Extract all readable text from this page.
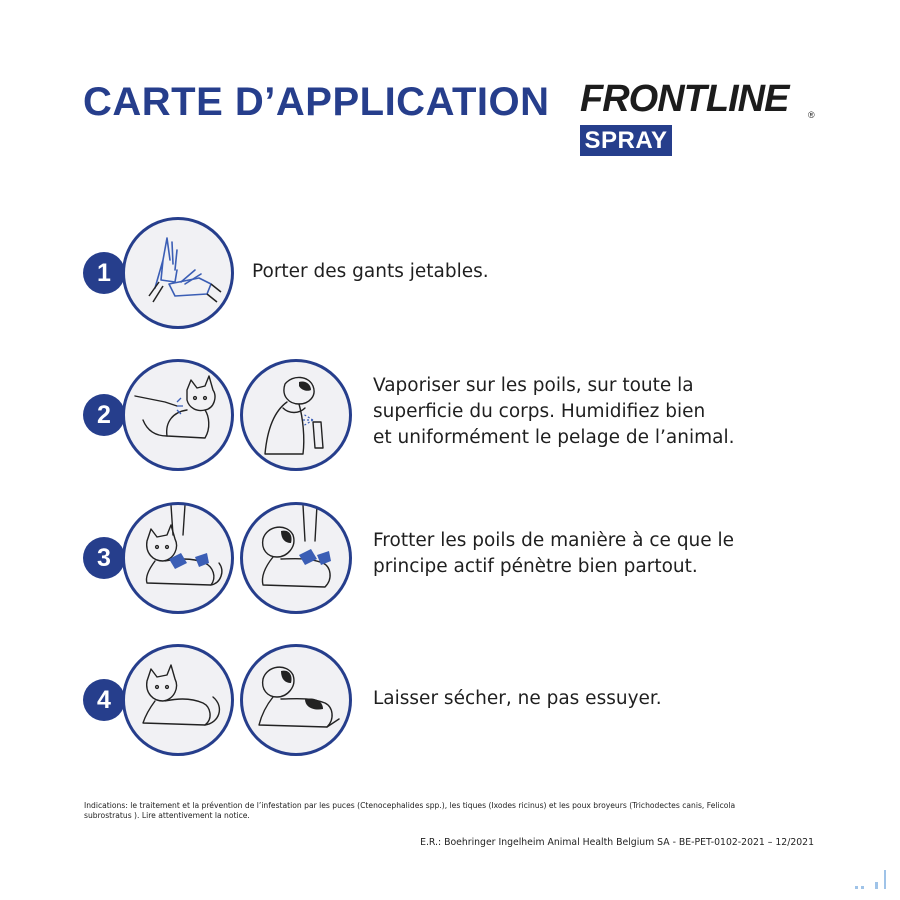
CARTE D’APPLICATION FRONTLINE ®
SPRAY
1	Porter des gants jetables.
2
Vaporiser sur les poils, sur toute la
superficie du corps. Humidifiez bien
et uniformément le pelage de l’animal.
3
Frotter les poils de manière à ce que le
principe actif pénètre bien partout.
4	Laisser sécher, ne pas essuyer.
Indications: le traitement et la prévention de l’infestation par les puces (Ctenocephalides spp.), les tiques (Ixodes ricinus) et les poux broyeurs (Trichodectes canis, Felicola
subrostratus ). Lire attentivement la notice.
E.R.: Boehringer Ingelheim Animal Health Belgium SA - BE-PET-0102-2021 – 12/2021
